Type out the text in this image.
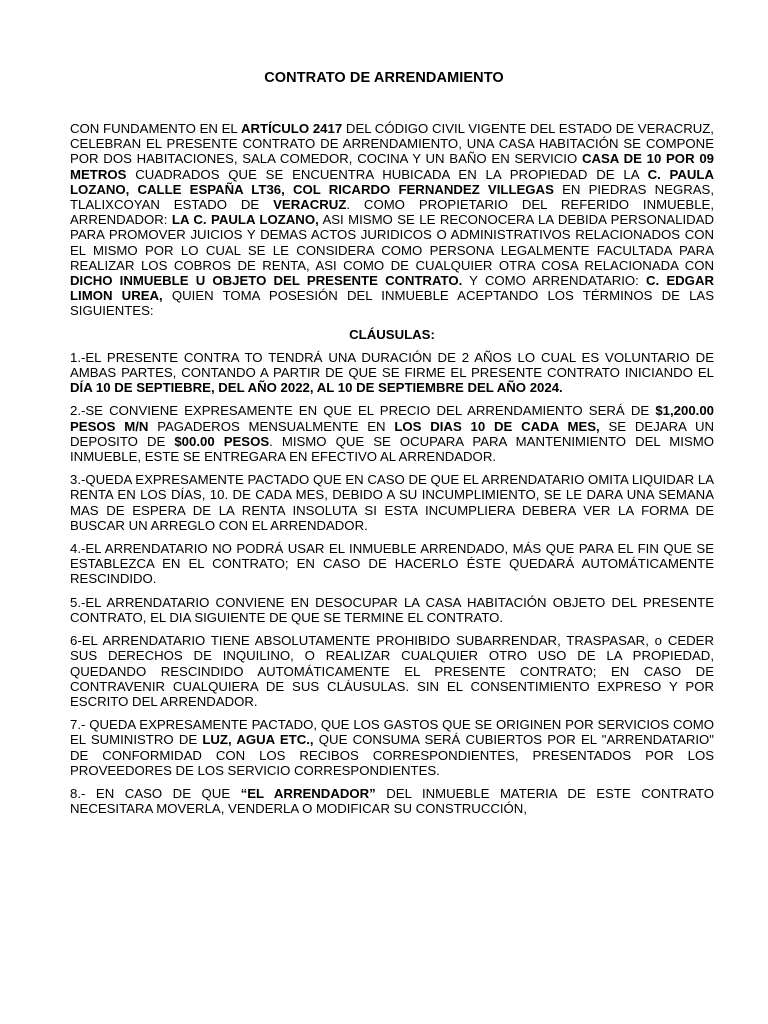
CONTRATO DE ARRENDAMIENTO

CON FUNDAMENTO EN EL ARTÍCULO 2417 DEL CÓDIGO CIVIL VIGENTE DEL ESTADO DE VERACRUZ, CELEBRAN EL PRESENTE CONTRATO DE ARRENDAMIENTO, UNA CASA HABITACIÓN SE COMPONE POR DOS HABITACIONES, SALA COMEDOR, COCINA Y UN BAÑO EN SERVICIO CASA DE 10 POR 09 METROS CUADRADOS QUE SE ENCUENTRA HUBICADA EN LA PROPIEDAD DE LA C. PAULA LOZANO, CALLE ESPAÑA LT36, COL RICARDO FERNANDEZ VILLEGAS EN PIEDRAS NEGRAS, TLALIXCOYAN ESTADO DE VERACRUZ. COMO PROPIETARIO DEL REFERIDO INMUEBLE, ARRENDADOR: LA C. PAULA LOZANO, ASI MISMO SE LE RECONOCERA LA DEBIDA PERSONALIDAD PARA PROMOVER JUICIOS Y DEMAS ACTOS JURIDICOS O ADMINISTRATIVOS RELACIONADOS CON EL MISMO POR LO CUAL SE LE CONSIDERA COMO PERSONA LEGALMENTE FACULTADA PARA REALIZAR LOS COBROS DE RENTA, ASI COMO DE CUALQUIER OTRA COSA RELACIONADA CON DICHO INMUEBLE U OBJETO DEL PRESENTE CONTRATO. Y COMO ARRENDATARIO: C. EDGAR LIMON UREA, QUIEN TOMA POSESIÓN DEL INMUEBLE ACEPTANDO LOS TÉRMINOS DE LAS SIGUIENTES:

CLÁUSULAS:

1.-EL PRESENTE CONTRA TO TENDRÁ UNA DURACIÓN DE 2 AÑOS LO CUAL ES VOLUNTARIO DE AMBAS PARTES, CONTANDO A PARTIR DE QUE SE FIRME EL PRESENTE CONTRATO INICIANDO EL DÍA 10 DE SEPTIEBRE, DEL AÑO 2022, AL 10 DE SEPTIEMBRE DEL AÑO 2024.

2.-SE CONVIENE EXPRESAMENTE EN QUE EL PRECIO DEL ARRENDAMIENTO SERÁ DE $1,200.00 PESOS M/N PAGADEROS MENSUALMENTE EN LOS DIAS 10 DE CADA MES, SE DEJARA UN DEPOSITO DE $00.00 PESOS. MISMO QUE SE OCUPARA PARA MANTENIMIENTO DEL MISMO INMUEBLE, ESTE SE ENTREGARA EN EFECTIVO AL ARRENDADOR.

3.-QUEDA EXPRESAMENTE PACTADO QUE EN CASO DE QUE EL ARRENDATARIO OMITA LIQUIDAR LA RENTA EN LOS DÍAS, 10. DE CADA MES, DEBIDO A SU INCUMPLIMIENTO, SE LE DARA UNA SEMANA MAS DE ESPERA DE LA RENTA INSOLUTA SI ESTA INCUMPLIERA DEBERA VER LA FORMA DE BUSCAR UN ARREGLO CON EL ARRENDADOR.

4.-EL ARRENDATARIO NO PODRÁ USAR EL INMUEBLE ARRENDADO, MÁS QUE PARA EL FIN QUE SE ESTABLEZCA EN EL CONTRATO; EN CASO DE HACERLO ÉSTE QUEDARÁ AUTOMÁTICAMENTE RESCINDIDO.

5.-EL ARRENDATARIO CONVIENE EN DESOCUPAR LA CASA HABITACIÓN OBJETO DEL PRESENTE CONTRATO, EL DIA SIGUIENTE DE QUE SE TERMINE EL CONTRATO.

6-EL ARRENDATARIO TIENE ABSOLUTAMENTE PROHIBIDO SUBARRENDAR, TRASPASAR, o CEDER SUS DERECHOS DE INQUILINO, O REALIZAR CUALQUIER OTRO USO DE LA PROPIEDAD, QUEDANDO RESCINDIDO AUTOMÁTICAMENTE EL PRESENTE CONTRATO; EN CASO DE CONTRAVENIR CUALQUIERA DE SUS CLÁUSULAS. SIN EL CONSENTIMIENTO EXPRESO Y POR ESCRITO DEL ARRENDADOR.

7.- QUEDA EXPRESAMENTE PACTADO, QUE LOS GASTOS QUE SE ORIGINEN POR SERVICIOS COMO EL SUMINISTRO DE LUZ, AGUA ETC., QUE CONSUMA SERÁ CUBIERTOS POR EL "ARRENDATARIO" DE CONFORMIDAD CON LOS RECIBOS CORRESPONDIENTES, PRESENTADOS POR LOS PROVEEDORES DE LOS SERVICIO CORRESPONDIENTES.

8.- EN CASO DE QUE “EL ARRENDADOR” DEL INMUEBLE MATERIA DE ESTE CONTRATO NECESITARA MOVERLA, VENDERLA O MODIFICAR SU CONSTRUCCIÓN,
